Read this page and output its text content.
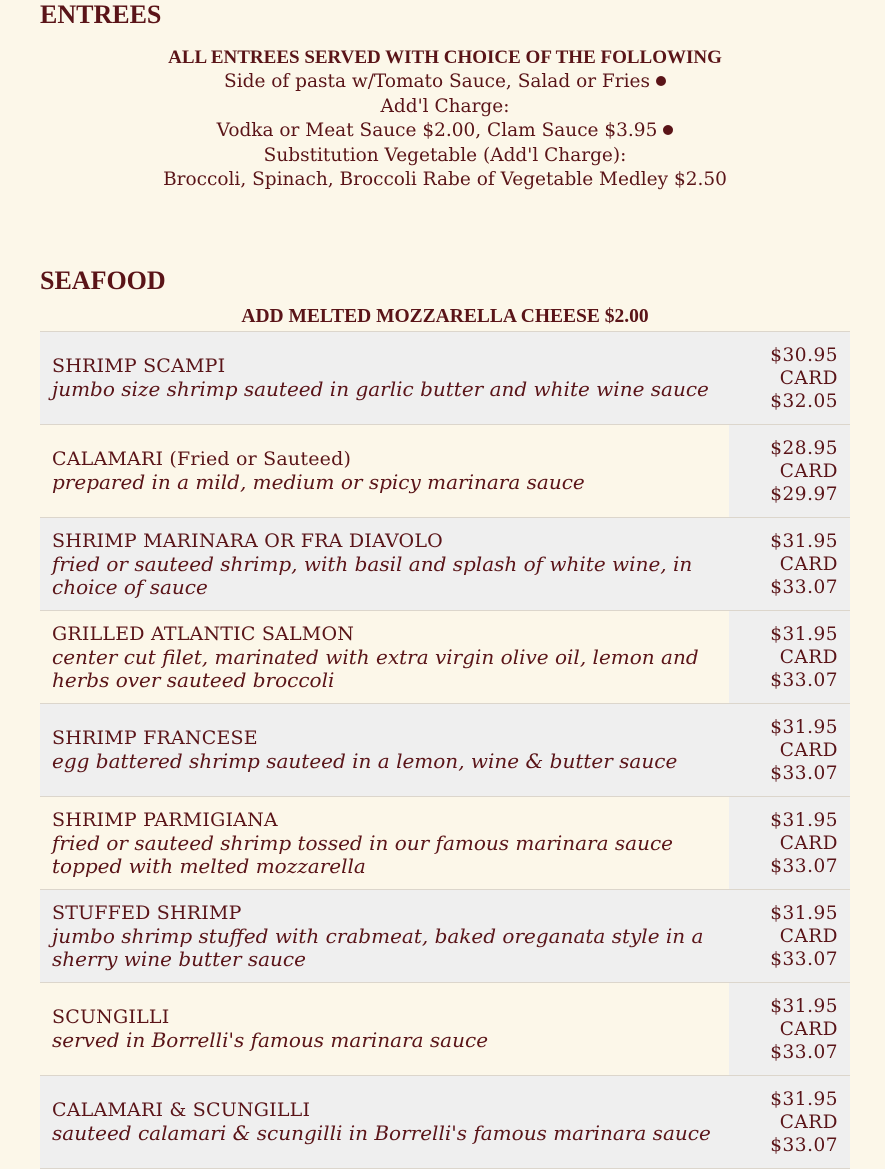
ENTREES
ALL ENTREES SERVED WITH CHOICE OF THE FOLLOWING
Side of pasta w/Tomato Sauce, Salad or Fries
Add'l Charge:
Vodka or Meat Sauce $2.00, Clam Sauce $3.95
Substitution Vegetable (Add'l Charge):
Broccoli, Spinach, Broccoli Rabe of Vegetable Medley $2.50
SEAFOOD
ADD MELTED MOZZARELLA CHEESE $2.00
SHRIMP SCAMPI
jumbo size shrimp sauteed in garlic butter and white wine sauce
$30.95
CARD
$32.05
CALAMARI (Fried or Sauteed)
prepared in a mild, medium or spicy marinara sauce
$28.95
CARD
$29.97
SHRIMP MARINARA OR FRA DIAVOLO
fried or sauteed shrimp, with basil and splash of white wine, in choice of sauce
$31.95
CARD
$33.07
GRILLED ATLANTIC SALMON
center cut filet, marinated with extra virgin olive oil, lemon and herbs over sauteed broccoli
$31.95
CARD
$33.07
SHRIMP FRANCESE
egg battered shrimp sauteed in a lemon, wine & butter sauce
$31.95
CARD
$33.07
SHRIMP PARMIGIANA
fried or sauteed shrimp tossed in our famous marinara sauce topped with melted mozzarella
$31.95
CARD
$33.07
STUFFED SHRIMP
jumbo shrimp stuffed with crabmeat, baked oreganata style in a sherry wine butter sauce
$31.95
CARD
$33.07
SCUNGILLI
served in Borrelli's famous marinara sauce
$31.95
CARD
$33.07
CALAMARI & SCUNGILLI
sauteed calamari & scungilli in Borrelli's famous marinara sauce
$31.95
CARD
$33.07
